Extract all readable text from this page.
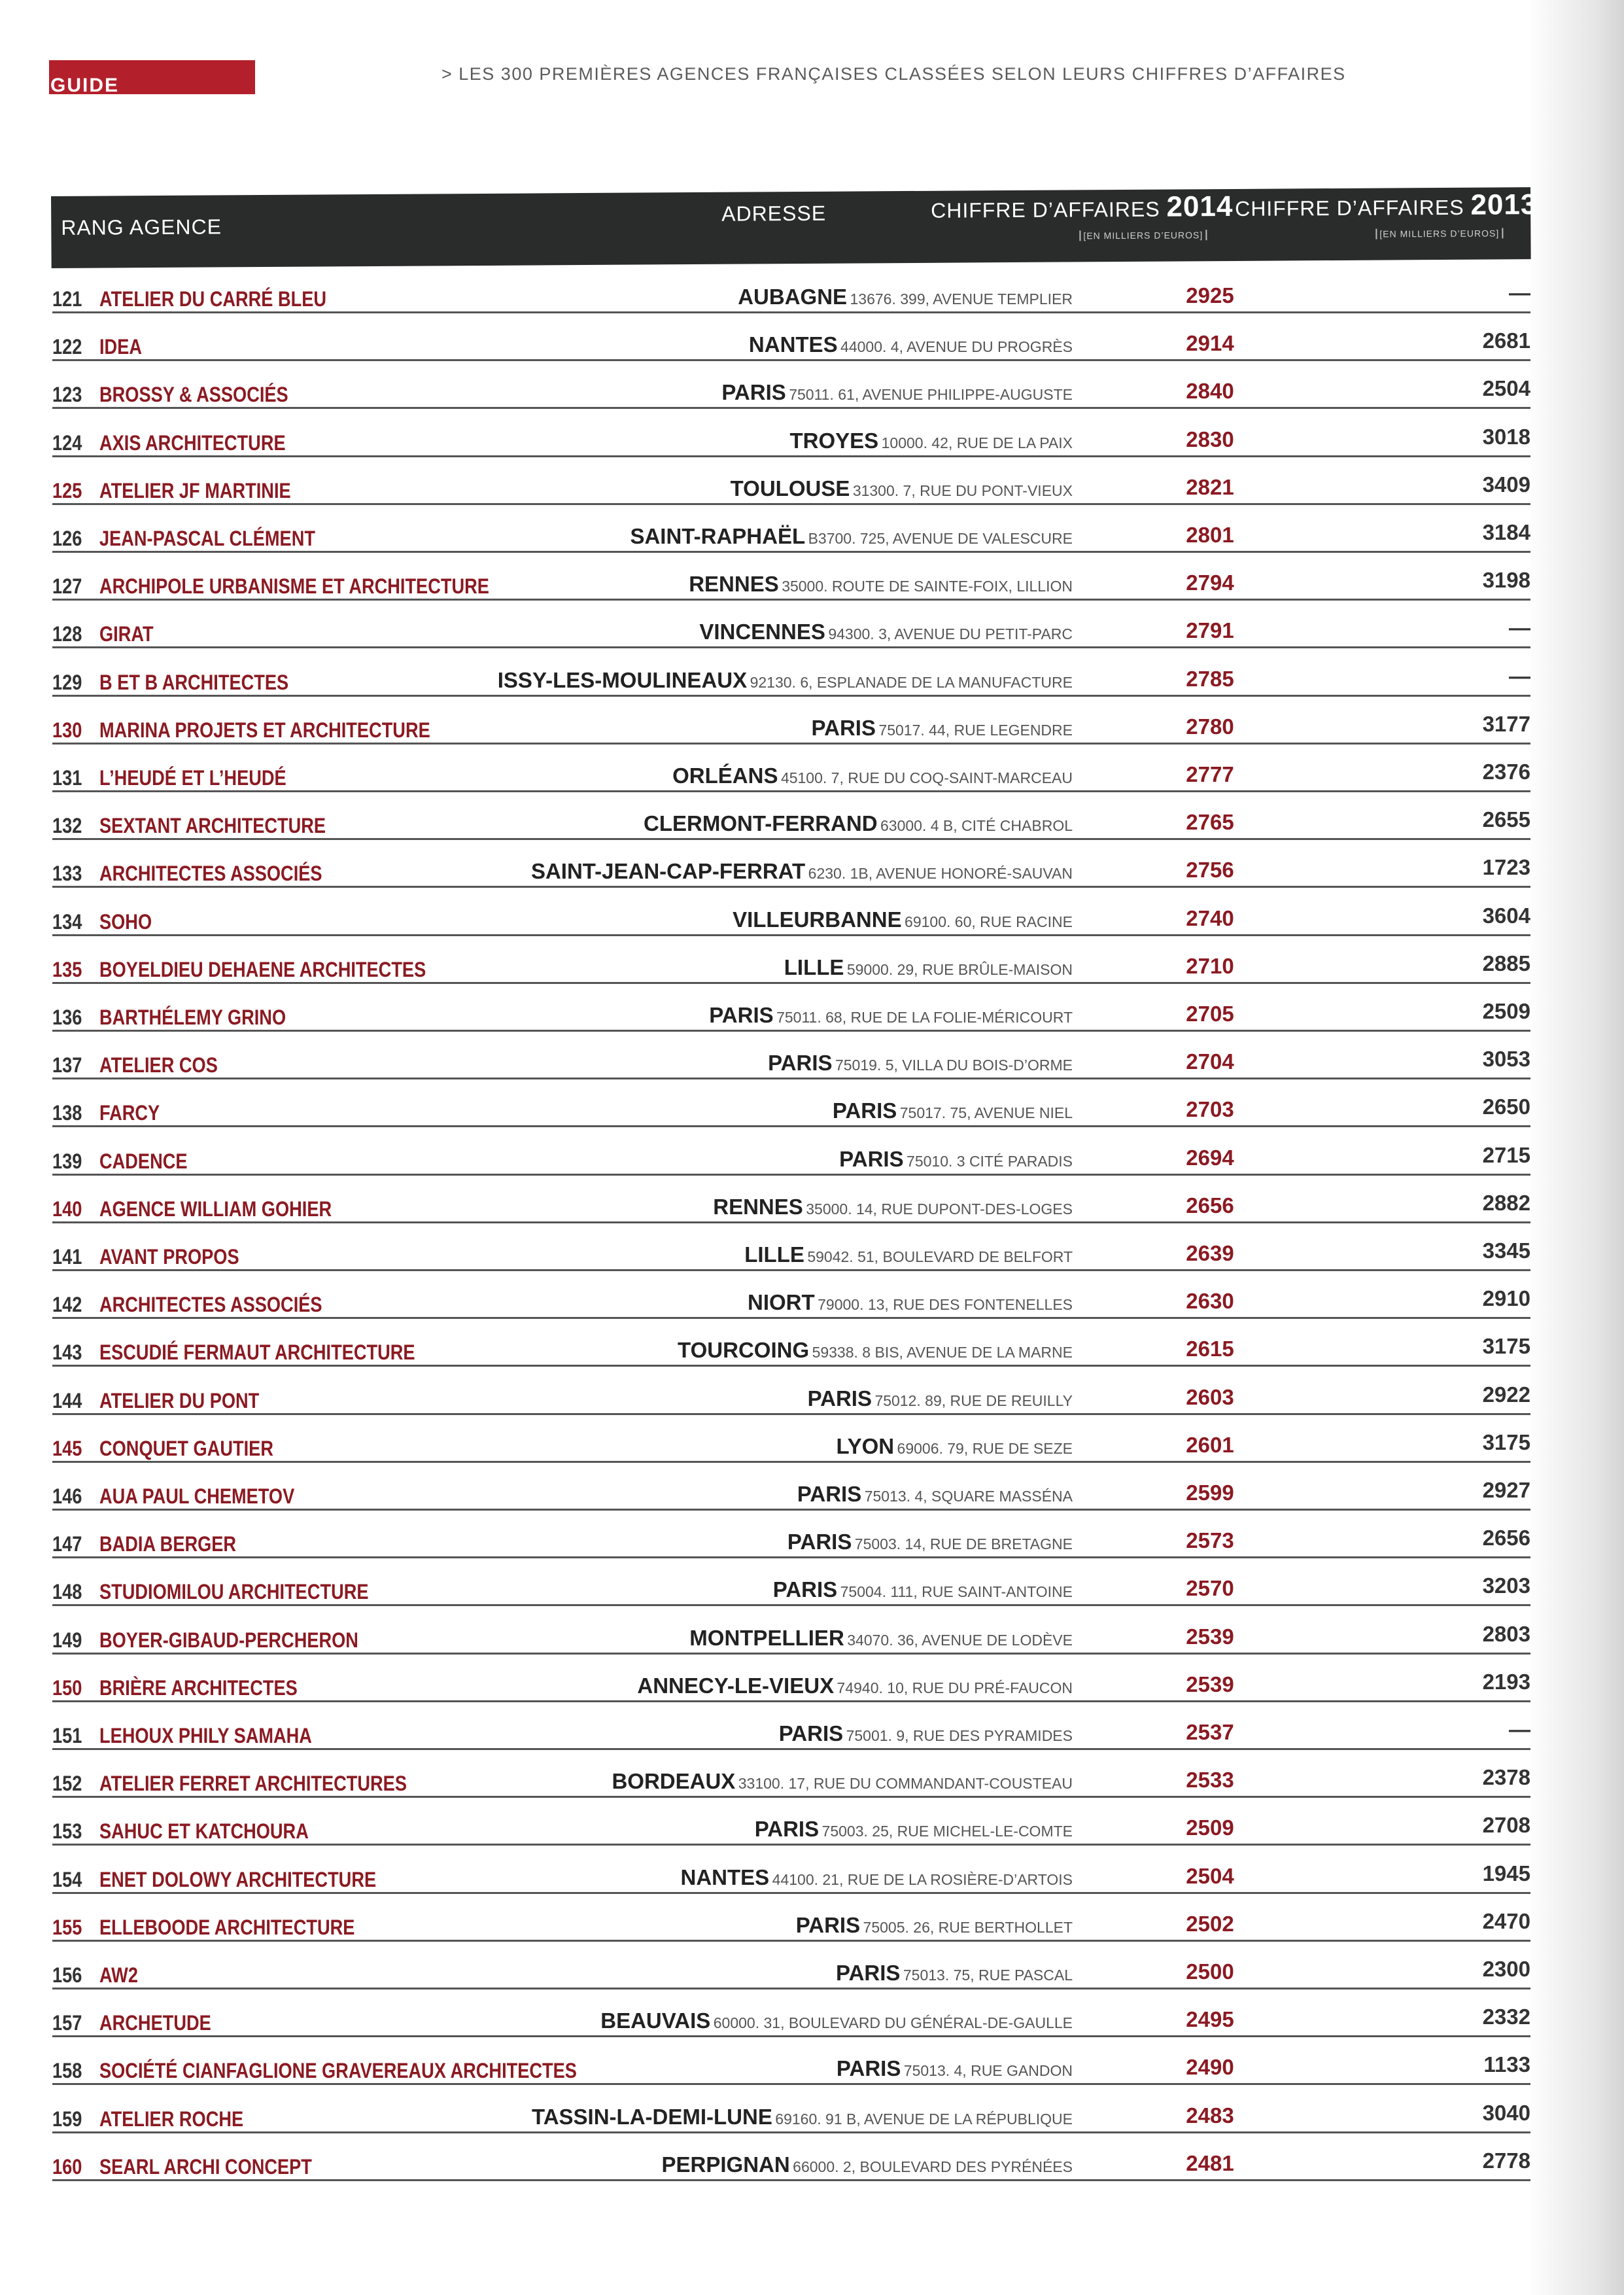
GUIDE
> LES 300 PREMIÈRES AGENCES FRANÇAISES CLASSÉES SELON LEURS CHIFFRES D’AFFAIRES
RANG AGENCE
ADRESSE	CHIFFRE D’AFFAIRES 2014
[EN MILLIERS D’EUROS]
CHIFFRE D’AFFAIRES 2013
[EN MILLIERS D’EUROS]
121 ATELIER DU CARRÉ BLEU	AUBAGNE 13676. 399, AVENUE TEMPLIER	2925	—
122 IDEA	NANTES 44000. 4, AVENUE DU PROGRÈS	2914	2681
123 BROSSY & ASSOCIÉS	PARIS 75011. 61, AVENUE PHILIPPE-AUGUSTE	2840	2504
124 AXIS ARCHITECTURE	TROYES 10000. 42, RUE DE LA PAIX	2830	3018
125 ATELIER JF MARTINIE	TOULOUSE 31300. 7, RUE DU PONT-VIEUX	2821	3409
126 JEAN-PASCAL CLÉMENT	SAINT-RAPHAËL B3700. 725, AVENUE DE VALESCURE	2801	3184
127 ARCHIPOLE URBANISME ET ARCHITECTURE	RENNES 35000. ROUTE DE SAINTE-FOIX, LILLION	2794	3198
128 GIRAT	VINCENNES 94300. 3, AVENUE DU PETIT-PARC	2791	—
129 B ET B ARCHITECTES	ISSY-LES-MOULINEAUX 92130. 6, ESPLANADE DE LA MANUFACTURE	2785	—
130 MARINA PROJETS ET ARCHITECTURE	PARIS 75017. 44, RUE LEGENDRE	2780	3177
131 L’HEUDÉ ET L’HEUDÉ	ORLÉANS 45100. 7, RUE DU COQ-SAINT-MARCEAU	2777	2376
132 SEXTANT ARCHITECTURE	CLERMONT-FERRAND 63000. 4 B, CITÉ CHABROL	2765	2655
133 ARCHITECTES ASSOCIÉS	SAINT-JEAN-CAP-FERRAT 6230. 1B, AVENUE HONORÉ-SAUVAN	2756	1723
134 SOHO	VILLEURBANNE 69100. 60, RUE RACINE	2740	3604
135 BOYELDIEU DEHAENE ARCHITECTES	LILLE 59000. 29, RUE BRÛLE-MAISON	2710	2885
136 BARTHÉLEMY GRINO	PARIS 75011. 68, RUE DE LA FOLIE-MÉRICOURT	2705	2509
137 ATELIER COS	PARIS 75019. 5, VILLA DU BOIS-D’ORME	2704	3053
138 FARCY	PARIS 75017. 75, AVENUE NIEL	2703	2650
139 CADENCE	PARIS 75010. 3 CITÉ PARADIS	2694	2715
140 AGENCE WILLIAM GOHIER	RENNES 35000. 14, RUE DUPONT-DES-LOGES	2656	2882
141 AVANT PROPOS	LILLE 59042. 51, BOULEVARD DE BELFORT	2639	3345
142 ARCHITECTES ASSOCIÉS	NIORT 79000. 13, RUE DES FONTENELLES	2630	2910
143 ESCUDIÉ FERMAUT ARCHITECTURE	TOURCOING 59338. 8 BIS, AVENUE DE LA MARNE	2615	3175
144 ATELIER DU PONT	PARIS 75012. 89, RUE DE REUILLY	2603	2922
145 CONQUET GAUTIER	LYON 69006. 79, RUE DE SEZE	2601	3175
146 AUA PAUL CHEMETOV	PARIS 75013. 4, SQUARE MASSÉNA	2599	2927
147 BADIA BERGER	PARIS 75003. 14, RUE DE BRETAGNE	2573	2656
148 STUDIOMILOU ARCHITECTURE	PARIS 75004. 111, RUE SAINT-ANTOINE	2570	3203
149 BOYER-GIBAUD-PERCHERON	MONTPELLIER 34070. 36, AVENUE DE LODÈVE	2539	2803
150 BRIÈRE ARCHITECTES	ANNECY-LE-VIEUX 74940. 10, RUE DU PRÉ-FAUCON	2539	2193
151 LEHOUX PHILY SAMAHA	PARIS 75001. 9, RUE DES PYRAMIDES	2537	—
152 ATELIER FERRET ARCHITECTURES	BORDEAUX 33100. 17, RUE DU COMMANDANT-COUSTEAU	2533	2378
153 SAHUC ET KATCHOURA	PARIS 75003. 25, RUE MICHEL-LE-COMTE	2509	2708
154 ENET DOLOWY ARCHITECTURE	NANTES 44100. 21, RUE DE LA ROSIÈRE-D’ARTOIS	2504	1945
155 ELLEBOODE ARCHITECTURE	PARIS 75005. 26, RUE BERTHOLLET	2502	2470
156 AW2	PARIS 75013. 75, RUE PASCAL	2500	2300
157 ARCHETUDE	BEAUVAIS 60000. 31, BOULEVARD DU GÉNÉRAL-DE-GAULLE	2495	2332
158 SOCIÉTÉ CIANFAGLIONE GRAVEREAUX ARCHITECTES	PARIS 75013. 4, RUE GANDON	2490	1133
159 ATELIER ROCHE	TASSIN-LA-DEMI-LUNE 69160. 91 B, AVENUE DE LA RÉPUBLIQUE	2483	3040
160 SEARL ARCHI CONCEPT	PERPIGNAN 66000. 2, BOULEVARD DES PYRÉNÉES	2481	2778
